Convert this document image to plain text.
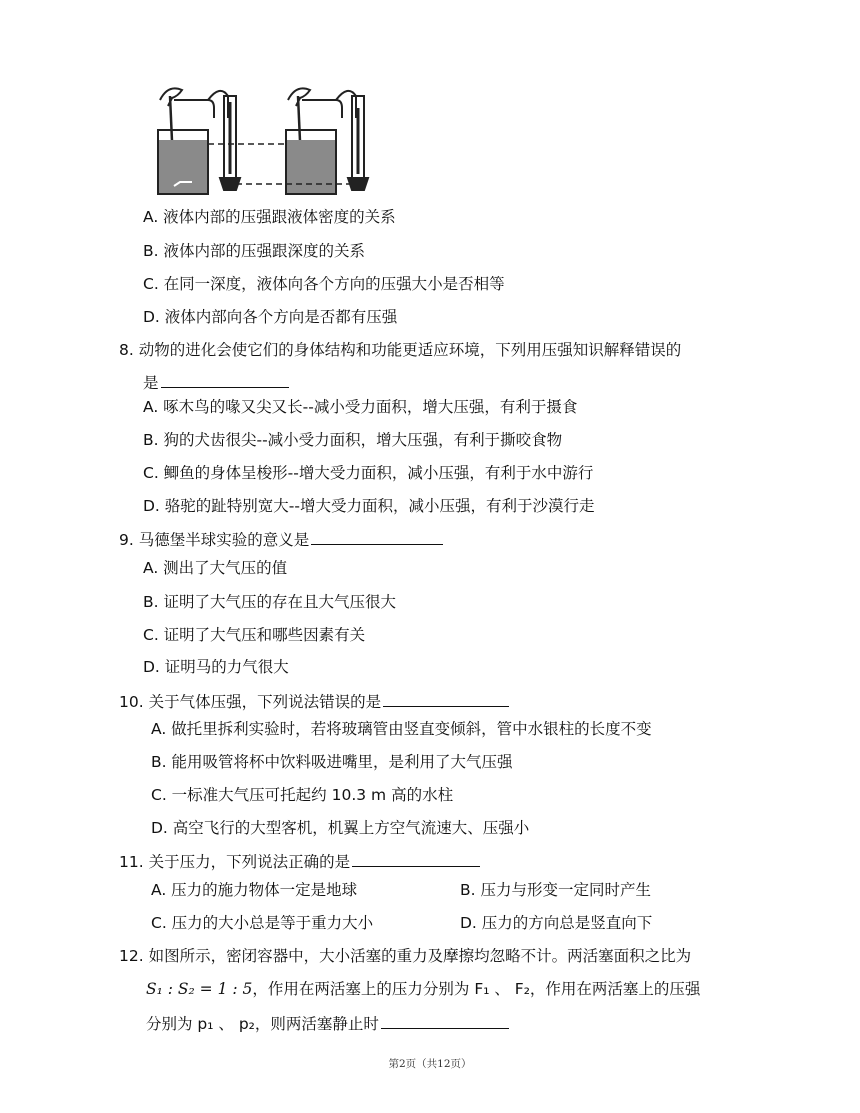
A. 液体内部的压强跟液体密度的关系
B. 液体内部的压强跟深度的关系
C. 在同一深度，液体向各个方向的压强大小是否相等
D. 液体内部向各个方向是否都有压强
8. 动物的进化会使它们的身体结构和功能更适应环境，下列用压强知识解释错误的
是
A. 啄木鸟的喙又尖又长--减小受力面积，增大压强，有利于摄食
B. 狗的犬齿很尖--减小受力面积，增大压强，有利于撕咬食物
C. 鲫鱼的身体呈梭形--增大受力面积，减小压强，有利于水中游行
D. 骆驼的趾特别宽大--增大受力面积，减小压强，有利于沙漠行走
9. 马德堡半球实验的意义是
A. 测出了大气压的值
B. 证明了大气压的存在且大气压很大
C. 证明了大气压和哪些因素有关
D. 证明马的力气很大
10. 关于气体压强，下列说法错误的是
A. 做托里拆利实验时，若将玻璃管由竖直变倾斜，管中水银柱的长度不变
B. 能用吸管将杯中饮料吸进嘴里，是利用了大气压强
C. 一标准大气压可托起约 10.3 m 高的水柱
D. 高空飞行的大型客机，机翼上方空气流速大、压强小
11. 关于压力，下列说法正确的是
A. 压力的施力物体一定是地球	B. 压力与形变一定同时产生
C. 压力的大小总是等于重力大小	D. 压力的方向总是竖直向下
12. 如图所示，密闭容器中，大小活塞的重力及摩擦均忽略不计。两活塞面积之比为
S₁ : S₂ = 1 : 5，作用在两活塞上的压力分别为 F₁ 、 F₂，作用在两活塞上的压强
分别为 p₁ 、 p₂，则两活塞静止时
第2页（共12页）
